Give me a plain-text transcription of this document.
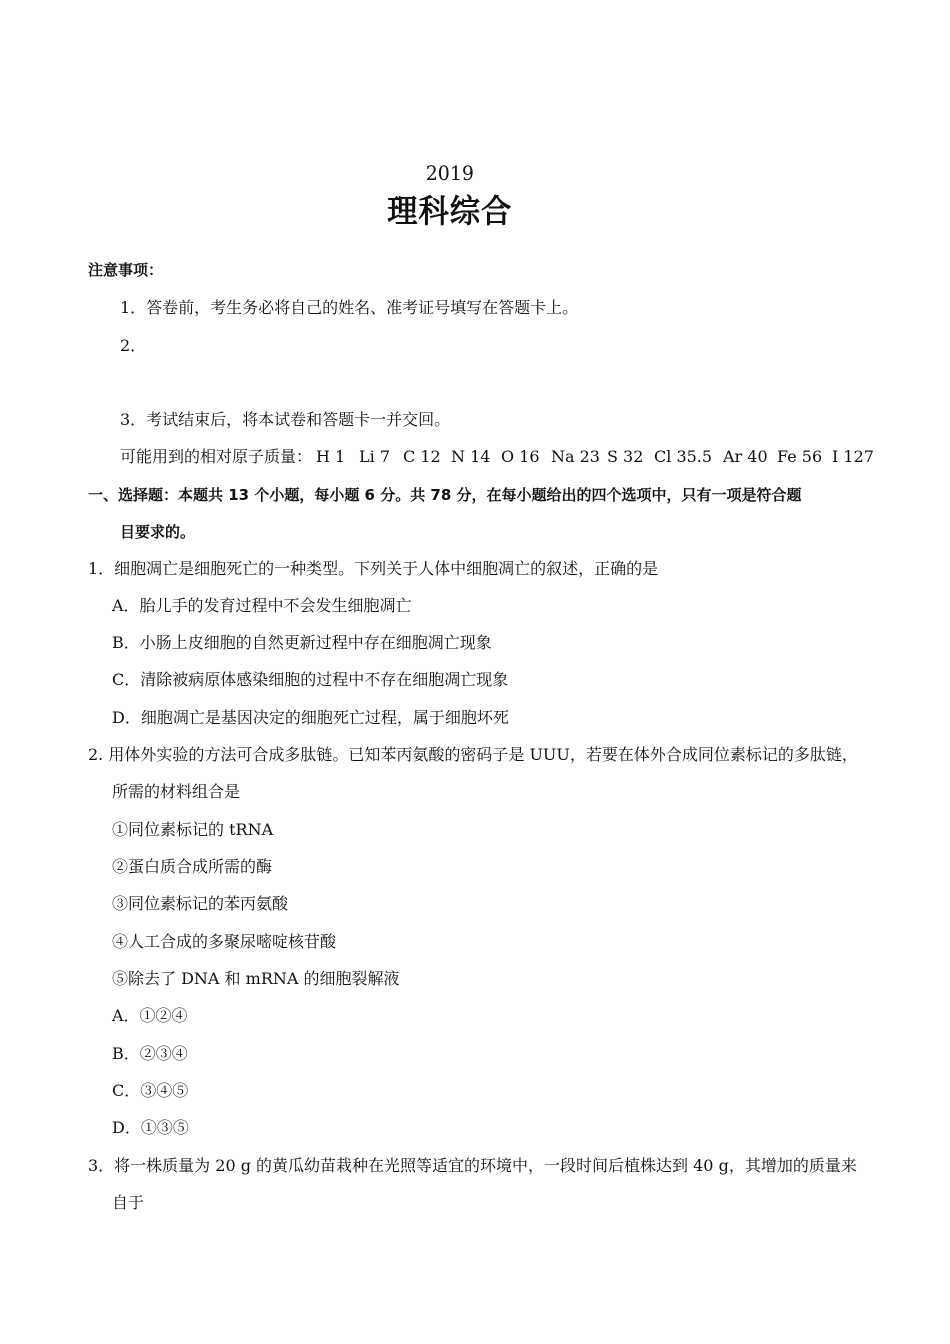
2019
理科综合
注意事项：
1．答卷前，考生务必将自己的姓名、准考证号填写在答题卡上。
2．
3．考试结束后，将本试卷和答题卡一并交回。
可能用到的相对原子质量： H 1 Li 7 C 12 N 14 O 16 Na 23 S 32 Cl 35.5 Ar 40 Fe 56 I 127
一、选择题：本题共 13 个小题，每小题 6 分。共 78 分，在每小题给出的四个选项中，只有一项是符合题
目要求的。
1．细胞凋亡是细胞死亡的一种类型。下列关于人体中细胞凋亡的叙述，正确的是
A．胎儿手的发育过程中不会发生细胞凋亡
B．小肠上皮细胞的自然更新过程中存在细胞凋亡现象
C．清除被病原体感染细胞的过程中不存在细胞凋亡现象
D．细胞凋亡是基因决定的细胞死亡过程，属于细胞坏死
2. 用体外实验的方法可合成多肽链。已知苯丙氨酸的密码子是 UUU，若要在体外合成同位素标记的多肽链，
所需的材料组合是
①同位素标记的 tRNA
②蛋白质合成所需的酶
③同位素标记的苯丙氨酸
④人工合成的多聚尿嘧啶核苷酸
⑤除去了 DNA 和 mRNA 的细胞裂解液
A．①②④
B．②③④
C．③④⑤
D．①③⑤
3．将一株质量为 20 g 的黄瓜幼苗栽种在光照等适宜的环境中，一段时间后植株达到 40 g，其增加的质量来
自于
